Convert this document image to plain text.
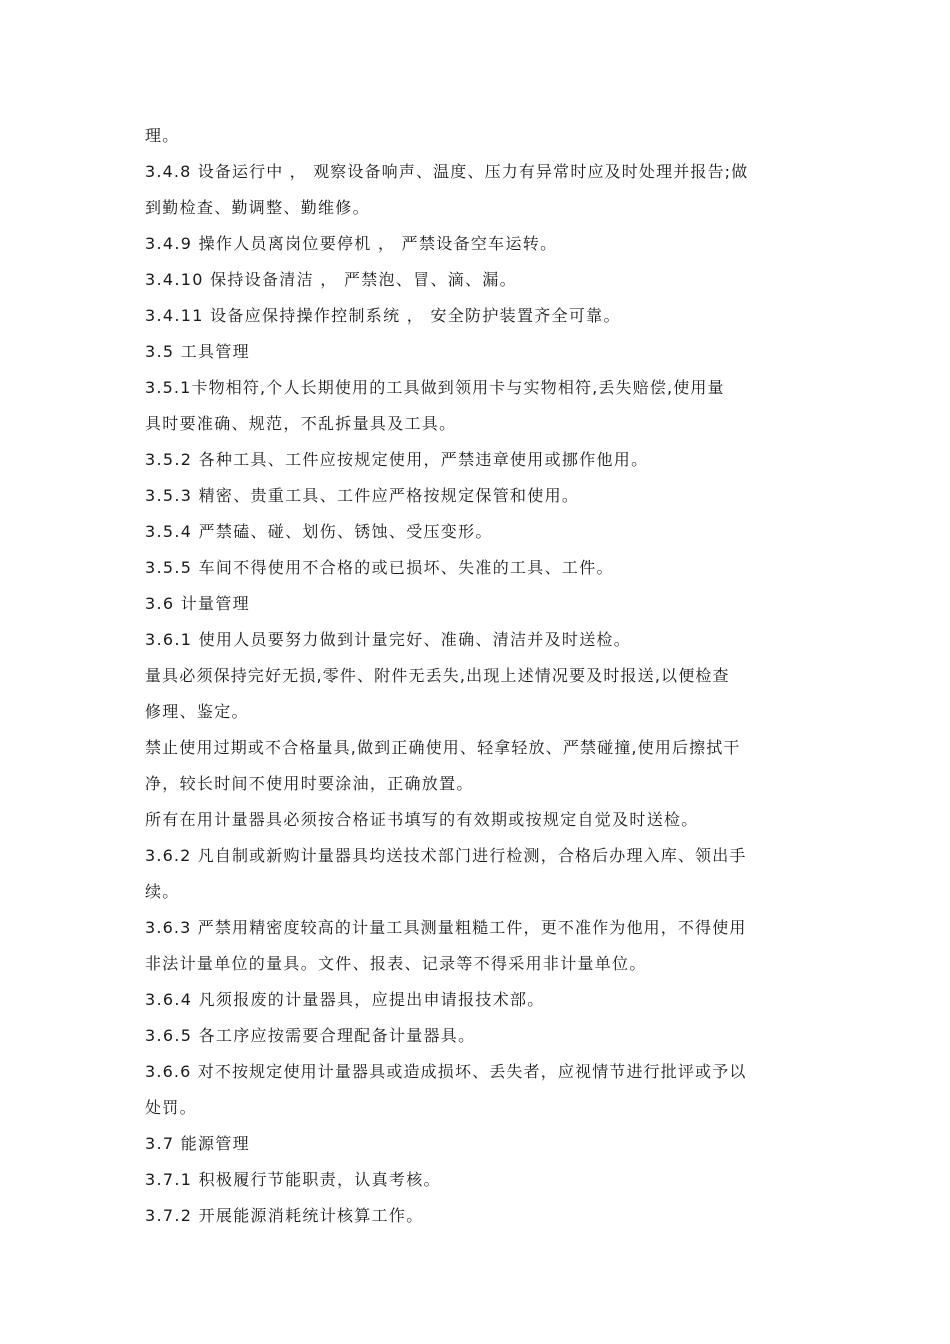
理。
3.4.8 设备运行中 ， 观察设备响声、温度、压力有异常时应及时处理并报告;做
到勤检查、勤调整、勤维修。
3.4.9 操作人员离岗位要停机 ， 严禁设备空车运转。
3.4.10 保持设备清洁 ， 严禁泡、冒、滴、漏。
3.4.11 设备应保持操作控制系统 ， 安全防护装置齐全可靠。
3.5 工具管理
3.5.1卡物相符,个人长期使用的工具做到领用卡与实物相符,丢失赔偿,使用量
具时要准确、规范，不乱拆量具及工具。
3.5.2 各种工具、工件应按规定使用，严禁违章使用或挪作他用。
3.5.3 精密、贵重工具、工件应严格按规定保管和使用。
3.5.4 严禁磕、碰、划伤、锈蚀、受压变形。
3.5.5 车间不得使用不合格的或已损坏、失准的工具、工件。
3.6 计量管理
3.6.1 使用人员要努力做到计量完好、准确、清洁并及时送检。
量具必须保持完好无损,零件、附件无丢失,出现上述情况要及时报送,以便检查
修理、鉴定。
禁止使用过期或不合格量具,做到正确使用、轻拿轻放、严禁碰撞,使用后擦拭干
净，较长时间不使用时要涂油，正确放置。
所有在用计量器具必须按合格证书填写的有效期或按规定自觉及时送检。
3.6.2 凡自制或新购计量器具均送技术部门进行检测，合格后办理入库、领出手
续。
3.6.3 严禁用精密度较高的计量工具测量粗糙工件，更不准作为他用，不得使用
非法计量单位的量具。文件、报表、记录等不得采用非计量单位。
3.6.4 凡须报废的计量器具，应提出申请报技术部。
3.6.5 各工序应按需要合理配备计量器具。
3.6.6 对不按规定使用计量器具或造成损坏、丢失者，应视情节进行批评或予以
处罚。
3.7 能源管理
3.7.1 积极履行节能职责，认真考核。
3.7.2 开展能源消耗统计核算工作。
